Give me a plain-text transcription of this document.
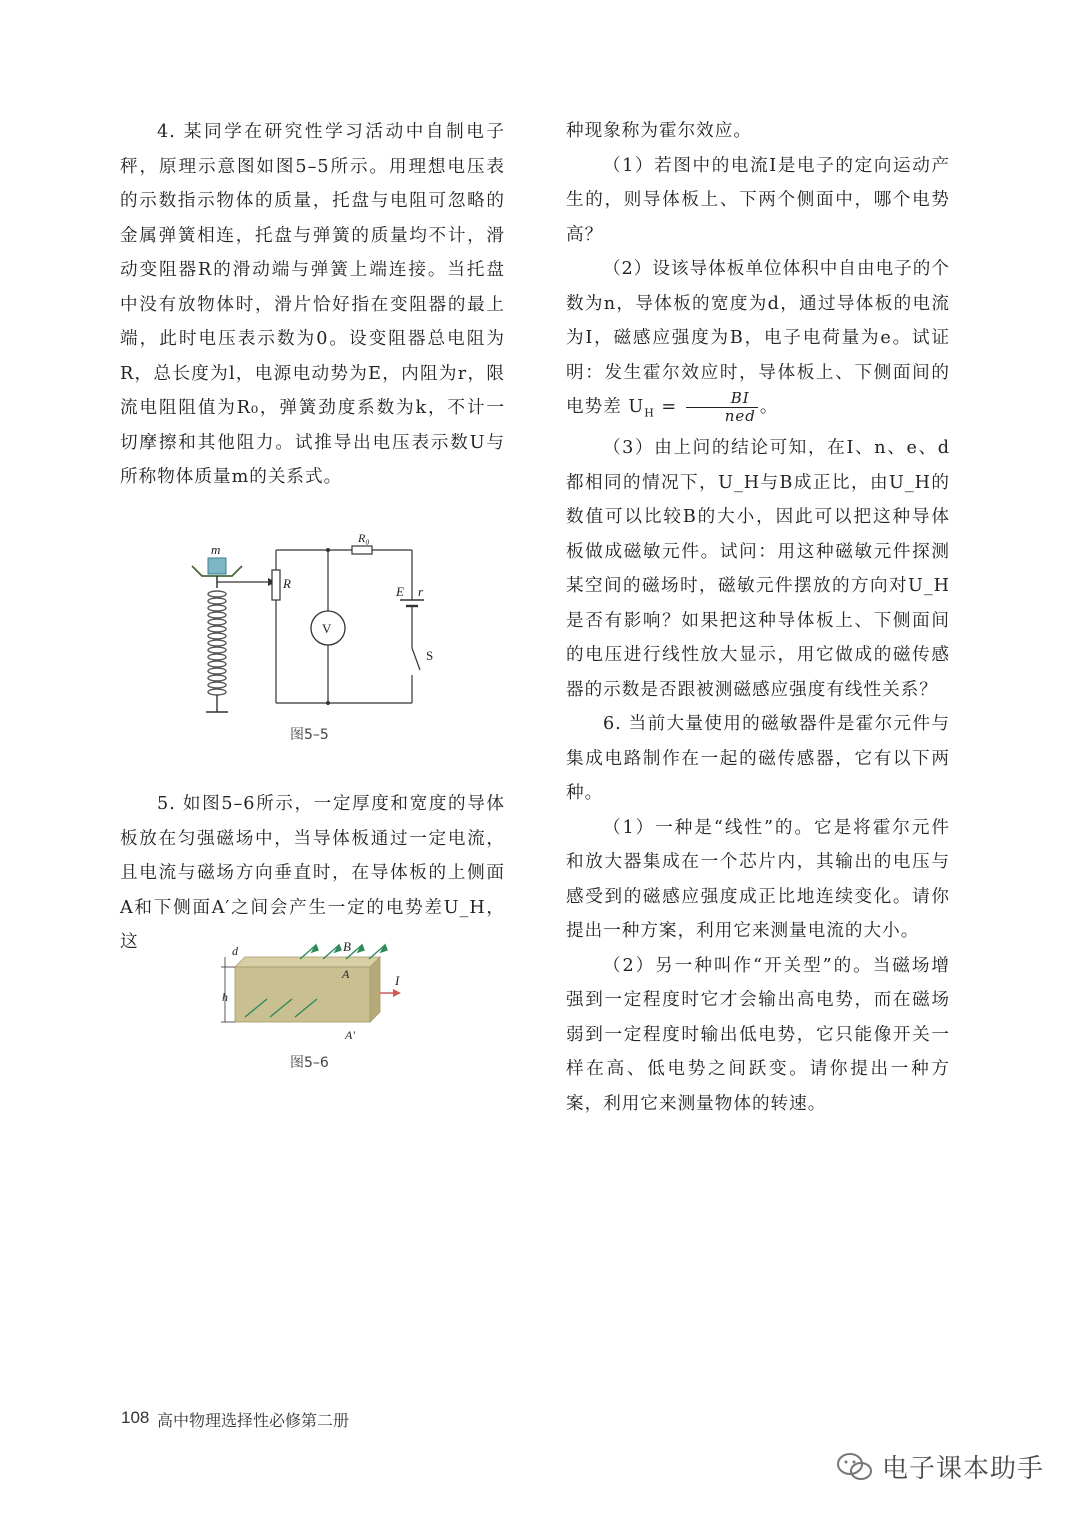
4. 某同学在研究性学习活动中自制电子秤，原理示意图如图5–5所示。用理想电压表的示数指示物体的质量，托盘与电阻可忽略的金属弹簧相连，托盘与弹簧的质量均不计，滑动变阻器R的滑动端与弹簧上端连接。当托盘中没有放物体时，滑片恰好指在变阻器的最上端，此时电压表示数为0。设变阻器总电阻为R，总长度为l，电源电动势为E，内阻为r，限流电阻阻值为R₀，弹簧劲度系数为k，不计一切摩擦和其他阻力。试推导出电压表示数U与所称物体质量m的关系式。

m
R
R₀
E r
S
V
图5–5

5. 如图5–6所示，一定厚度和宽度的导体板放在匀强磁场中，当导体板通过一定电流，且电流与磁场方向垂直时，在导体板的上侧面A和下侧面A′之间会产生一定的电势差U_H，这	B
A
A′
I
d
h
图5–6

种现象称为霍尔效应。

（1）若图中的电流I是电子的定向运动产生的，则导体板上、下两个侧面中，哪个电势高？

（2）设该导体板单位体积中自由电子的个数为n，导体板的宽度为d，通过导体板的电流为I，磁感应强度为B，电子电荷量为e。试证明：发生霍尔效应时，导体板上、下侧面间的电势差 $U_H = \frac{BI}{\text{ned}}$ 。

（3）由上问的结论可知，在I、n、e、d都相同的情况下，U_H与B成正比，由U_H的数值可以比较B的大小，因此可以把这种导体板做成磁敏元件。试问：用这种磁敏元件探测某空间的磁场时，磁敏元件摆放的方向对U_H是否有影响？如果把这种导体板上、下侧面间的电压进行线性放大显示，用它做成的磁传感器的示数是否跟被测磁感应强度有线性关系？

6. 当前大量使用的磁敏器件是霍尔元件与集成电路制作在一起的磁传感器，它有以下两种。

（1）一种是“线性”的。它是将霍尔元件和放大器集成在一个芯片内，其输出的电压与感受到的磁感应强度成正比地连续变化。请你提出一种方案，利用它来测量电流的大小。

（2）另一种叫作“开关型”的。当磁场增强到一定程度时它才会输出高电势，而在磁场弱到一定程度时输出低电势，它只能像开关一样在高、低电势之间跃变。请你提出一种方案，利用它来测量物体的转速。

108 高中物理选择性必修第二册
电子课本助手
